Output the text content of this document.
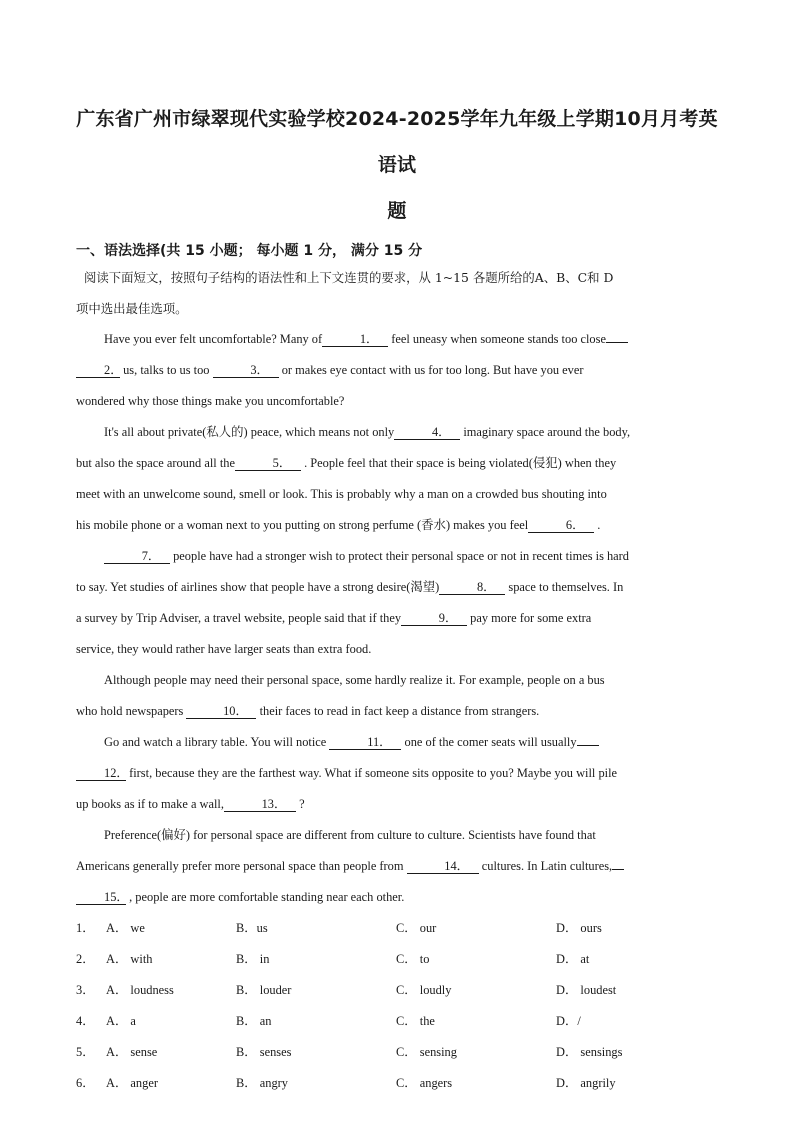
广东省广州市绿翠现代实验学校2024-2025学年九年级上学期10月月考英语试
题
一、语法选择(共 15 小题； 每小题 1 分， 满分 15 分

阅读下面短文，按照句子结构的语法性和上下文连贯的要求，从 1~15 各题所给的A、B、C和 D
项中选出最佳选项。

Have you ever felt uncomfortable? Many of	1． feel uneasy when someone stands too close
2． us, talks to us too	3． or makes eye contact with us for too long. But have you ever
wondered why those things make you uncomfortable?

It's all about private(私人的) peace, which means not only	4． imaginary space around the body,
but also the space around all the	5． . People feel that their space is being violated(侵犯) when they
meet with an unwelcome sound, smell or look. This is probably why a man on a crowded bus shouting into
his mobile phone or a woman next to you putting on strong perfume (香水) makes you feel	6． .

7． people have had a stronger wish to protect their personal space or not in recent times is hard
to say. Yet studies of airlines show that people have a strong desire(渴望)	8． space to themselves. In
a survey by Trip Adviser, a travel website, people said that if they	9． pay more for some extra
service, they would rather have larger seats than extra food.

Although people may need their personal space, some hardly realize it. For example, people on a bus
who hold newspapers	10． their faces to read in fact keep a distance from strangers.

Go and watch a library table. You will notice	11． one of the comer seats will usually
12． first, because they are the farthest way. What if someone sits opposite to you? Maybe you will pile
up books as if to make a wall,	13． ?

Preference(偏好) for personal space are different from culture to culture. Scientists have found that
Americans generally prefer more personal space than people from	14． cultures. In Latin cultures,
15． , people are more comfortable standing near each other.

1． A． we	B．us	C． our	D． ours
2． A． with	B． in	C． to	D． at
3． A． loudness	B． louder	C． loudly	D． loudest
4． A． a	B． an	C． the	D．/
5． A． sense	B． senses	C． sensing	D． sensings
6． A． anger	B． angry	C． angers	D． angrily
